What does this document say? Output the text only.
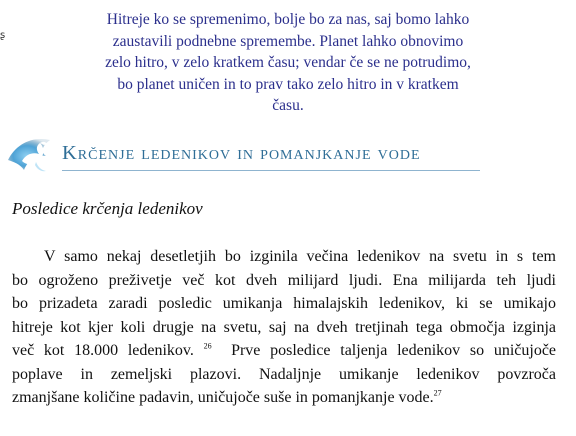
ʂ
Hitreje ko se spremenimo, bolje bo za nas, saj bomo lahko
zaustavili podnebne spremembe. Planet lahko obnovimo
zelo hitro, v zelo kratkem času; vendar če se ne potrudimo,
bo planet uničen in to prav tako zelo hitro in v kratkem
času.
Krčenje ledenikov in pomanjkanje vode
Posledice krčenja ledenikov
V samo nekaj desetletjih bo izginila večina ledenikov na svetu in s tem
bo ogroženo preživetje več kot dveh milijard ljudi. Ena milijarda teh ljudi
bo prizadeta zaradi posledic umikanja himalajskih ledenikov, ki se umikajo
hitreje kot kjer koli drugje na svetu, saj na dveh tretjinah tega območja izginja
več kot 18.000 ledenikov. $^{26}$ Prve posledice taljenja ledenikov so uničujoče
poplave in zemeljski plazovi. Nadaljnje umikanje ledenikov povzroča
zmanjšane količine padavin, uničujoče suše in pomanjkanje vode.$^{27}$
